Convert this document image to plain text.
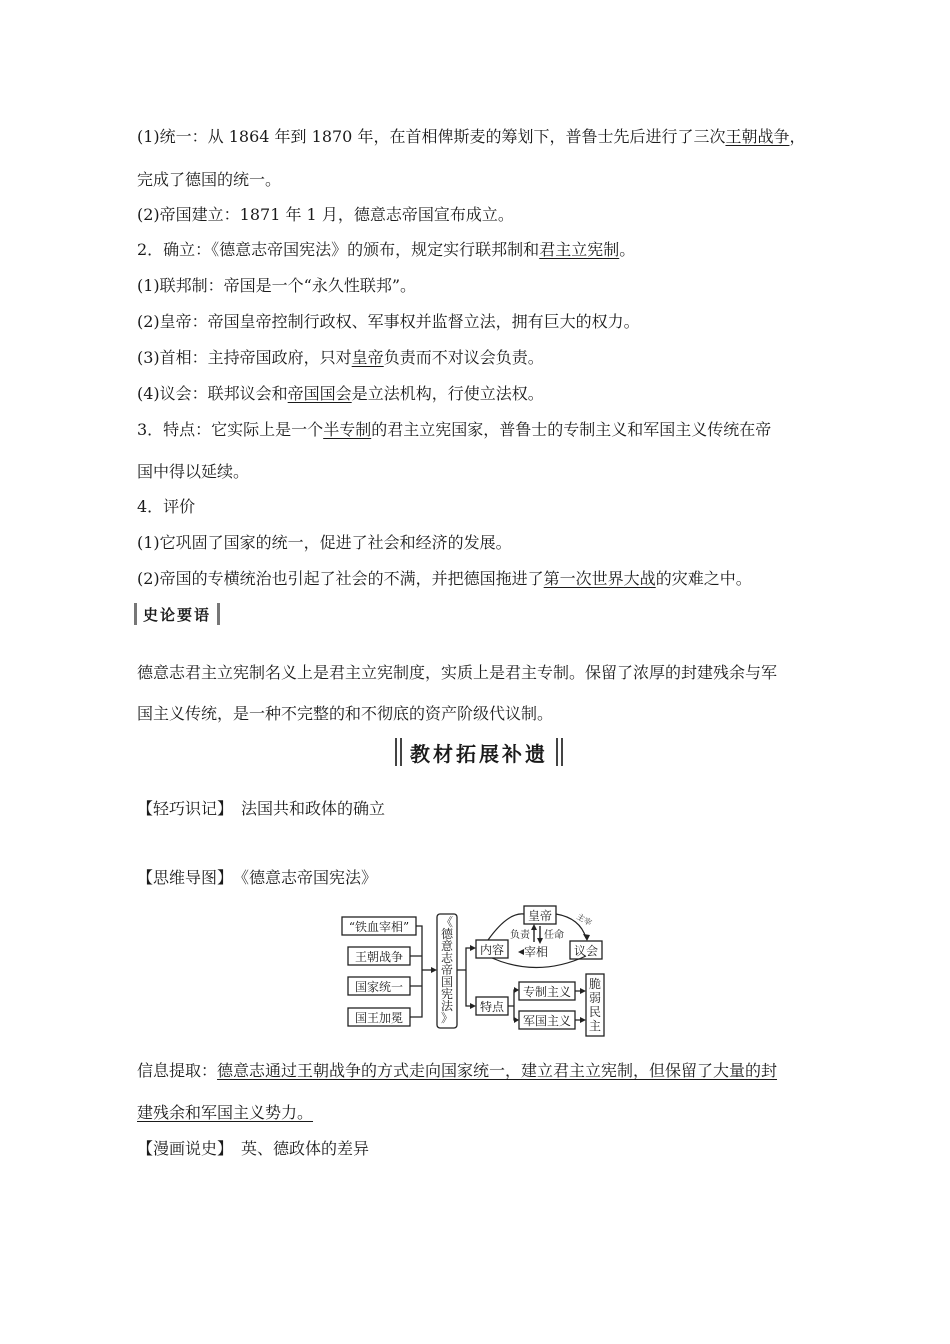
(1)统一：从 1864 年到 1870 年，在首相俾斯麦的筹划下，普鲁士先后进行了三次王朝战争，
完成了德国的统一。
(2)帝国建立：1871 年 1 月，德意志帝国宣布成立。
2．确立：《德意志帝国宪法》的颁布，规定实行联邦制和君主立宪制。
(1)联邦制：帝国是一个“永久性联邦”。
(2)皇帝：帝国皇帝控制行政权、军事权并监督立法，拥有巨大的权力。
(3)首相：主持帝国政府，只对皇帝负责而不对议会负责。
(4)议会：联邦议会和帝国国会是立法机构，行使立法权。
3．特点：它实际上是一个半专制的君主立宪国家，普鲁士的专制主义和军国主义传统在帝
国中得以延续。
4．评价
(1)它巩固了国家的统一，促进了社会和经济的发展。
(2)帝国的专横统治也引起了社会的不满，并把德国拖进了第一次世界大战的灾难之中。
史论要语
德意志君主立宪制名义上是君主立宪制度，实质上是君主专制。保留了浓厚的封建残余与军
国主义传统，是一种不完整的和不彻底的资产阶级代议制。
教材拓展补遗
【轻巧识记】 法国共和政体的确立
【思维导图】 《德意志帝国宪法》
“铁血宰相”
王朝战争
国家统一
国王加冕
《
德
意
志
帝
国
宪
法
》
内容
皇帝	主宰
议会
负责 任命
宰相
特点
专制主义
军国主义
脆
弱
民
主
信息提取：德意志通过王朝战争的方式走向国家统一，建立君主立宪制，但保留了大量的封
建残余和军国主义势力。
【漫画说史】 英、德政体的差异
